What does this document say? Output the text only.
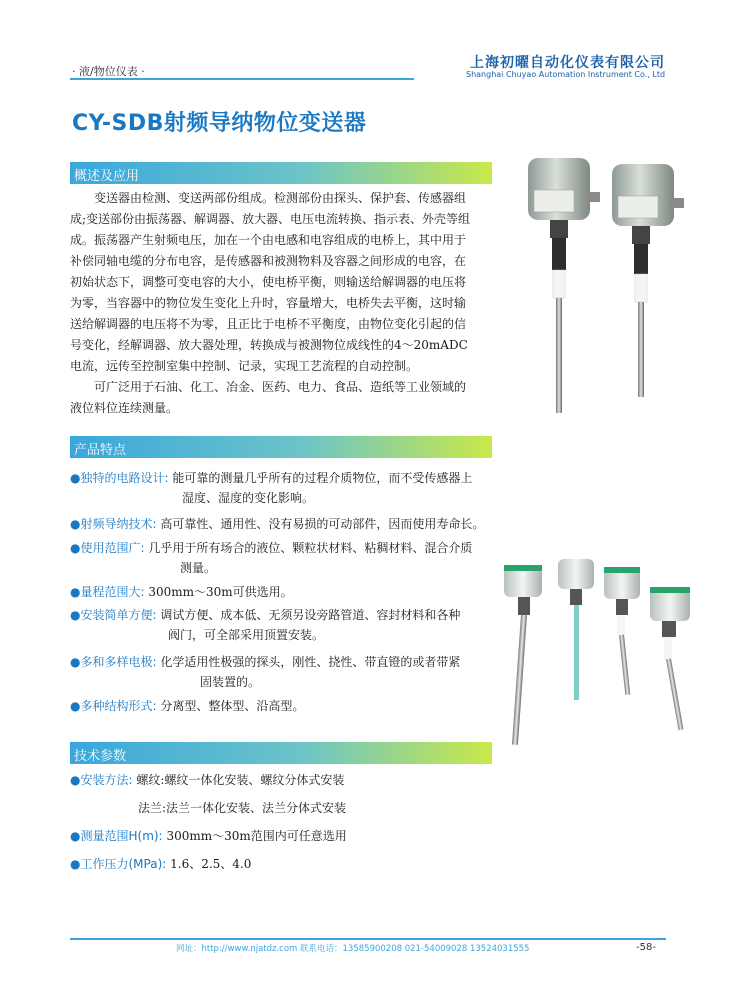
· 液/物位仪表 ·
上海初曜自动化仪表有限公司
Shanghai Chuyao Automation Instrument Co., Ltd
CY-SDB射频导纳物位变送器
概述及应用
变送器由检测、变送两部份组成。检测部份由探头、保护套、传感器组
成;变送部份由振荡器、解调器、放大器、电压电流转换、指示表、外壳等组
成。振荡器产生射频电压，加在一个由电感和电容组成的电桥上，其中用于
补偿同轴电缆的分布电容，是传感器和被测物料及容器之间形成的电容，在
初始状态下，调整可变电容的大小，使电桥平衡，则输送给解调器的电压将
为零，当容器中的物位发生变化上升时，容量增大，电桥失去平衡，这时输
送给解调器的电压将不为零，且正比于电桥不平衡度，由物位变化引起的信
号变化，经解调器、放大器处理，转换成与被测物位成线性的4～20mADC
电流，远传至控制室集中控制、记录，实现工艺流程的自动控制。
可广泛用于石油、化工、冶金、医药、电力、食品、造纸等工业领域的
液位料位连续测量。
产品特点
●独特的电路设计: 能可靠的测量几乎所有的过程介质物位，而不受传感器上
湿度、湿度的变化影响。
●射频导纳技术: 高可靠性、通用性、没有易损的可动部件，因而使用寿命长。
●使用范围广: 几乎用于所有场合的液位、颗粒状材料、粘稠材料、混合介质
测量。
●量程范围大: 300mm～30m可供选用。
●安装简单方便: 调试方便、成本低、无须另设旁路管道、容封材料和各种
阀门，可全部采用顶置安装。
●多和多样电极: 化学适用性极强的探头，刚性、挠性、带直镫的或者带紧
固装置的。
●多种结构形式: 分离型、整体型、沿高型。
技术参数
●安装方法: 螺纹:螺纹一体化安装、螺纹分体式安装
法兰:法兰一体化安装、法兰分体式安装
●测量范围H(m): 300mm～30m范围内可任意选用
●工作压力(MPa): 1.6、2.5、4.0
网址：http://www.njatdz.com 联系电话：13585900208 021-54009028 13524031555	-58-
